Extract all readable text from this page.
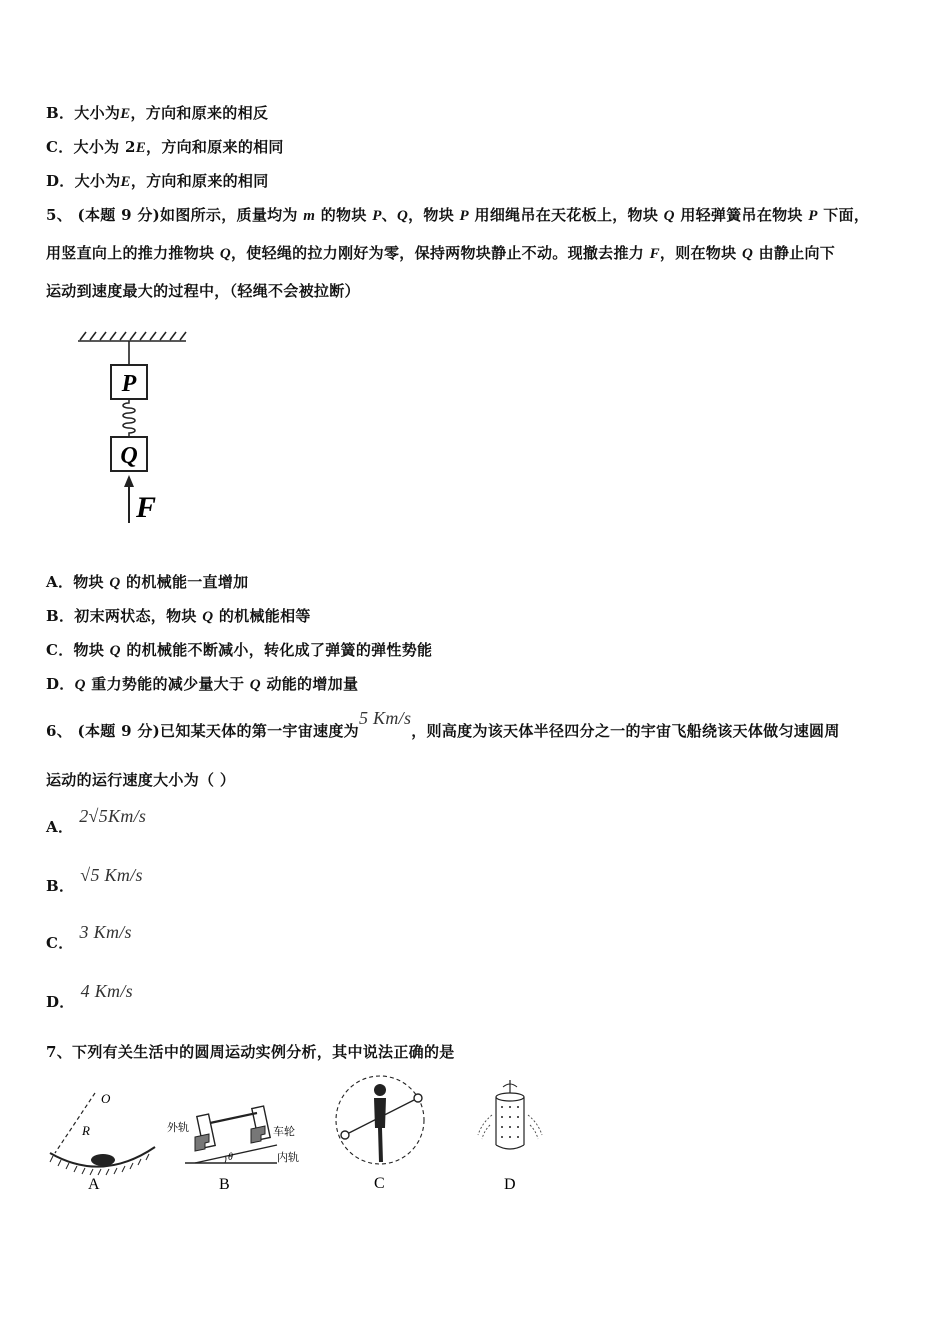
B．大小为E，方向和原来的相反
C．大小为 2E，方向和原来的相同
D．大小为E，方向和原来的相同
5、 (本题 9 分)如图所示，质量均为 m 的物块 P、Q，物块 P 用细绳吊在天花板上，物块 Q 用轻弹簧吊在物块 P 下面，
用竖直向上的推力推物块 Q，使轻绳的拉力刚好为零，保持两物块静止不动。现撤去推力 F，则在物块 Q 由静止向下
运动到速度最大的过程中，（轻绳不会被拉断）
P
Q
F
A．物块 Q 的机械能一直增加
B．初末两状态，物块 Q 的机械能相等
C．物块 Q 的机械能不断减小，转化成了弹簧的弹性势能
D．Q 重力势能的减少量大于 Q 动能的增加量
6、 (本题 9 分)已知某天体的第一宇宙速度为5 Km/s，则高度为该天体半径四分之一的宇宙飞船绕该天体做匀速圆周
运动的运行速度大小为（ ）
A．2√5Km/s
B．√5 Km/s
C．3 Km/s
D．4 Km/s
7、下列有关生活中的圆周运动实例分析，其中说法正确的是
O
R
A
θ
外轨	车轮
内轨
B	C	D
